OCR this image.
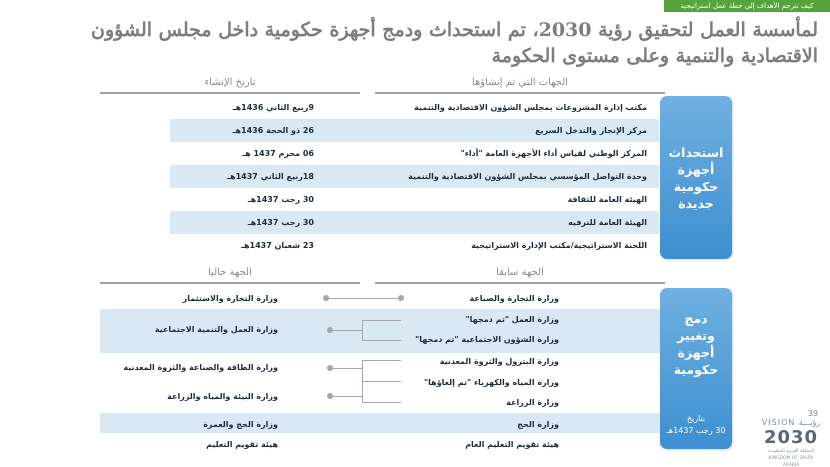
كيف نترجم الأهداف إلى خطة عمل استراتيجية
لمأسسة العمل لتحقيق رؤية 2030، تم استحداث ودمج أجهزة حكومية داخل مجلس الشؤون الاقتصادية والتنمية وعلى مستوى الحكومة
الجهات التي تم إنشاؤها
تاريخ الإنشاء
مكتب إدارة المشروعات بمجلس الشؤون الاقتصادية والتنمية
9ربيع الثاني 1436هـ
مركز الإنجاز والتدخل السريع
26 ذو الحجة 1436هـ
المركز الوطني لقياس أداء الأجهزة العامة "أداء"
06 محرم 1437 هـ
وحدة التواصل المؤسسي بمجلس الشؤون الاقتصادية والتنمية
18ربيع الثاني 1437هـ
الهيئة العامة للثقافة
30 رجب 1437هـ
الهيئة العامة للترفيه
30 رجب 1437هـ
اللجنة الاستراتيجية/مكتب الإدارة الاستراتيجية
23 شعبان 1437هـ
استحداث أجهزة حكومية جديدة
الجهة سابقا
الجهة حاليا
وزارة التجارة والصناعة
وزارة العمل "تم دمجها"
وزارة الشؤون الاجتماعية "تم دمجها"
وزارة البترول والثروة المعدنية
وزارة المياه والكهرباء "تم إلغاؤها"
وزارة الزراعة
وزارة الحج
هيئة تقويم التعليم العام
وزارة التجارة والاستثمار
وزارة العمل والتنمية الاجتماعية
وزارة الطاقة والصناعة والثروة المعدنية
وزارة البيئة والمياه والزراعة
وزارة الحج والعمرة
هيئة تقويم التعليم
دمج وتغيير أجهزة حكومية
بتاريخ
30 رجب 1437هـ
39
VISION رؤيـــة
2030
المملكة العربية السعودية
KINGDOM OF SAUDI ARABIA
